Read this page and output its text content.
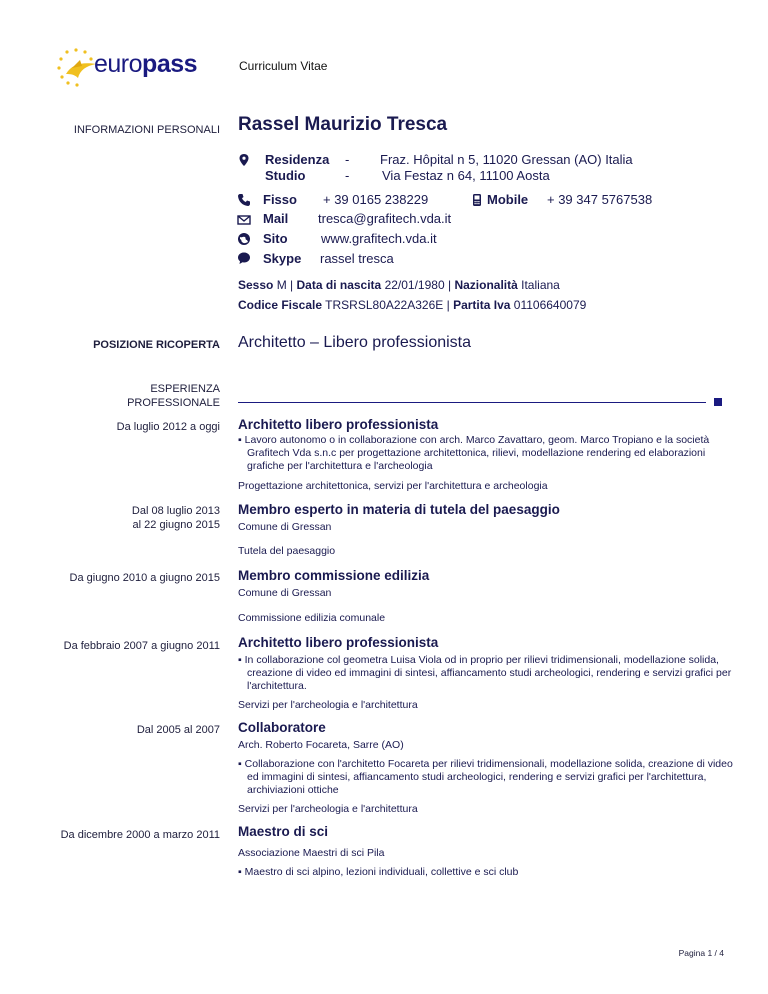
europass	Curriculum Vitae
INFORMAZIONI PERSONALI Rassel Maurizio Tresca
Residenza - Fraz. Hôpital n 5, 11020 Gressan (AO) Italia
Studio	-	Via Festaz n 64, 11100 Aosta
Fisso + 39 0165 238229	Mobile + 39 347 5767538
Mail tresca@grafitech.vda.it
Sito	www.grafitech.vda.it
Skype rassel tresca
Sesso M | Data di nascita 22/01/1980 | Nazionalità Italiana
Codice Fiscale TRSRSL80A22A326E | Partita Iva 01106640079
POSIZIONE RICOPERTA Architetto – Libero professionista
ESPERIENZA
PROFESSIONALE
Da luglio 2012 a oggi Architetto libero professionista
▪ Lavoro autonomo o in collaborazione con arch. Marco Zavattaro, geom. Marco Tropiano e la società Grafitech Vda s.n.c per progettazione architettonica, rilievi, modellazione rendering ed elaborazioni grafiche per l'architettura e l'archeologia
Progettazione architettonica, servizi per l'architettura e archeologia
Dal 08 luglio 2013
al 22 giugno 2015
Membro esperto in materia di tutela del paesaggio
Comune di Gressan
Tutela del paesaggio
Da giugno 2010 a giugno 2015 Membro commissione edilizia
Comune di Gressan
Commissione edilizia comunale
Da febbraio 2007 a giugno 2011 Architetto libero professionista
▪ In collaborazione col geometra Luisa Viola od in proprio per rilievi tridimensionali, modellazione solida, creazione di video ed immagini di sintesi, affiancamento studi archeologici, rendering e servizi grafici per l'architettura.
Servizi per l'archeologia e l'architettura
Dal 2005 al 2007 Collaboratore
Arch. Roberto Focareta, Sarre (AO)
▪ Collaborazione con l'architetto Focareta per rilievi tridimensionali, modellazione solida, creazione di video ed immagini di sintesi, affiancamento studi archeologici, rendering e servizi grafici per l'architettura, archiviazioni ottiche
Servizi per l'archeologia e l'architettura
Da dicembre 2000 a marzo 2011 Maestro di sci
Associazione Maestri di sci Pila
▪ Maestro di sci alpino, lezioni individuali, collettive e sci club
Pagina 1 / 4
